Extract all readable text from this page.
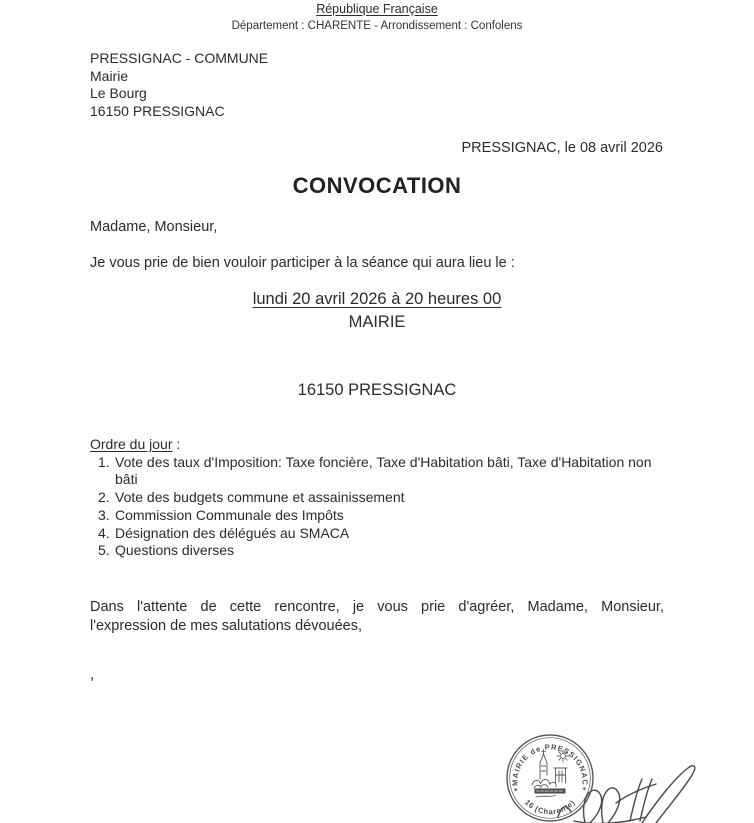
République Française
Département : CHARENTE - Arrondissement : Confolens
PRESSIGNAC - COMMUNE
Mairie
Le Bourg
16150 PRESSIGNAC
PRESSIGNAC, le 08 avril 2026
CONVOCATION
Madame, Monsieur,
Je vous prie de bien vouloir participer à la séance qui aura lieu le :
lundi 20 avril 2026 à 20 heures 00
MAIRIE
16150 PRESSIGNAC
Ordre du jour :
1. Vote des taux d'Imposition: Taxe foncière, Taxe d'Habitation bâti, Taxe d'Habitation non bâti
2. Vote des budgets commune et assainissement
3. Commission Communale des Impôts
4. Désignation des délégués au SMACA
5. Questions diverses
Dans l'attente de cette rencontre, je vous prie d'agréer, Madame, Monsieur,
l'expression de mes salutations dévouées,
,
MAIRIE de PRESSIGNAC
16 (Charente)
✶	✶
